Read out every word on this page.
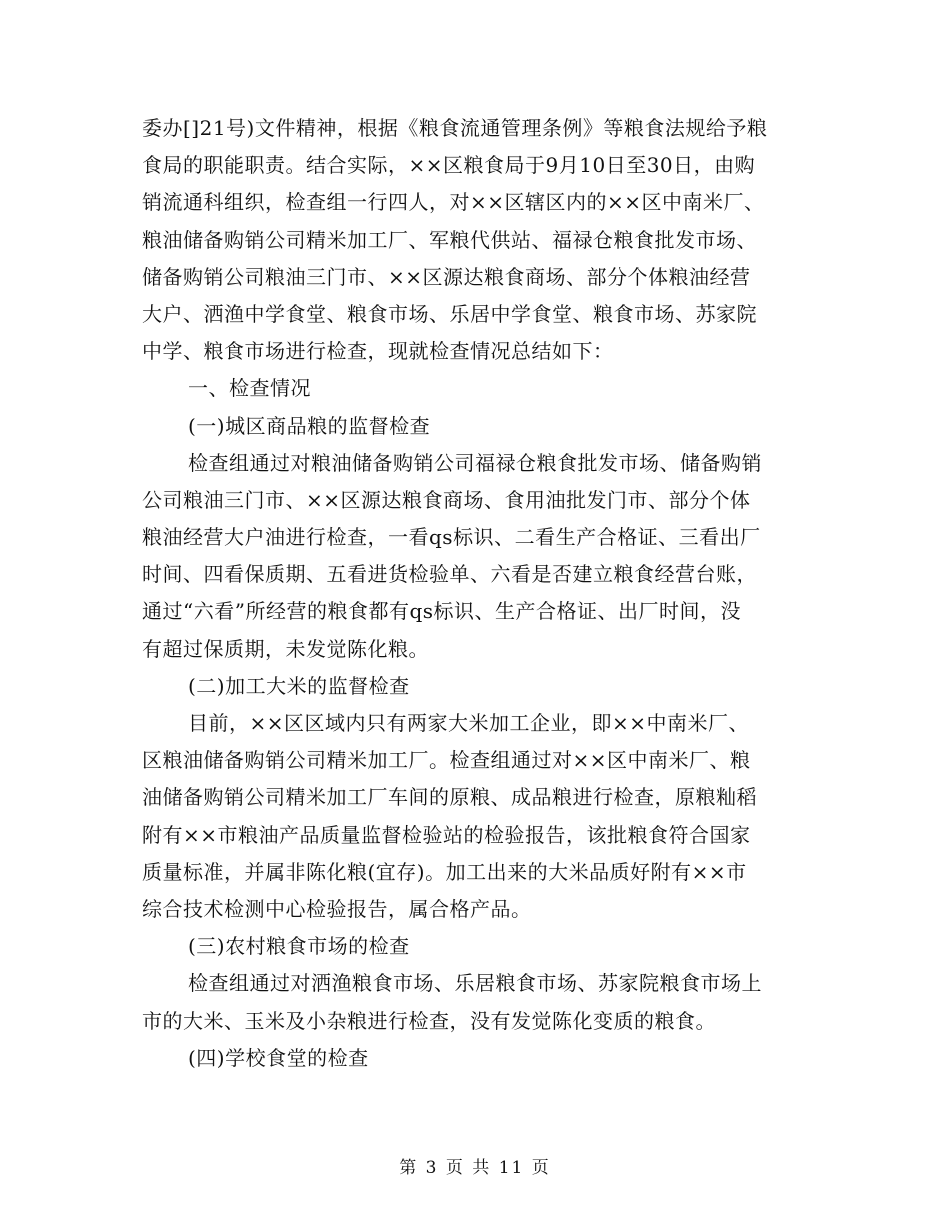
委办[]21号)文件精神，根据《粮食流通管理条例》等粮食法规给予粮
食局的职能职责。结合实际，××区粮食局于9月10日至30日，由购
销流通科组织，检查组一行四人，对××区辖区内的××区中南米厂、
粮油储备购销公司精米加工厂、军粮代供站、福禄仓粮食批发市场、
储备购销公司粮油三门市、××区源达粮食商场、部分个体粮油经营
大户、洒渔中学食堂、粮食市场、乐居中学食堂、粮食市场、苏家院
中学、粮食市场进行检查，现就检查情况总结如下：
一、检查情况
(一)城区商品粮的监督检查
检查组通过对粮油储备购销公司福禄仓粮食批发市场、储备购销
公司粮油三门市、××区源达粮食商场、食用油批发门市、部分个体
粮油经营大户油进行检查，一看qs标识、二看生产合格证、三看出厂
时间、四看保质期、五看进货检验单、六看是否建立粮食经营台账，
通过“六看”所经营的粮食都有qs标识、生产合格证、出厂时间，没
有超过保质期，未发觉陈化粮。
(二)加工大米的监督检查
目前，××区区域内只有两家大米加工企业，即××中南米厂、
区粮油储备购销公司精米加工厂。检查组通过对××区中南米厂、粮
油储备购销公司精米加工厂车间的原粮、成品粮进行检查，原粮籼稻
附有××市粮油产品质量监督检验站的检验报告，该批粮食符合国家
质量标准，并属非陈化粮(宜存)。加工出来的大米品质好附有××市
综合技术检测中心检验报告，属合格产品。
(三)农村粮食市场的检查
检查组通过对洒渔粮食市场、乐居粮食市场、苏家院粮食市场上
市的大米、玉米及小杂粮进行检查，没有发觉陈化变质的粮食。
(四)学校食堂的检查
第 3 页 共 11 页
